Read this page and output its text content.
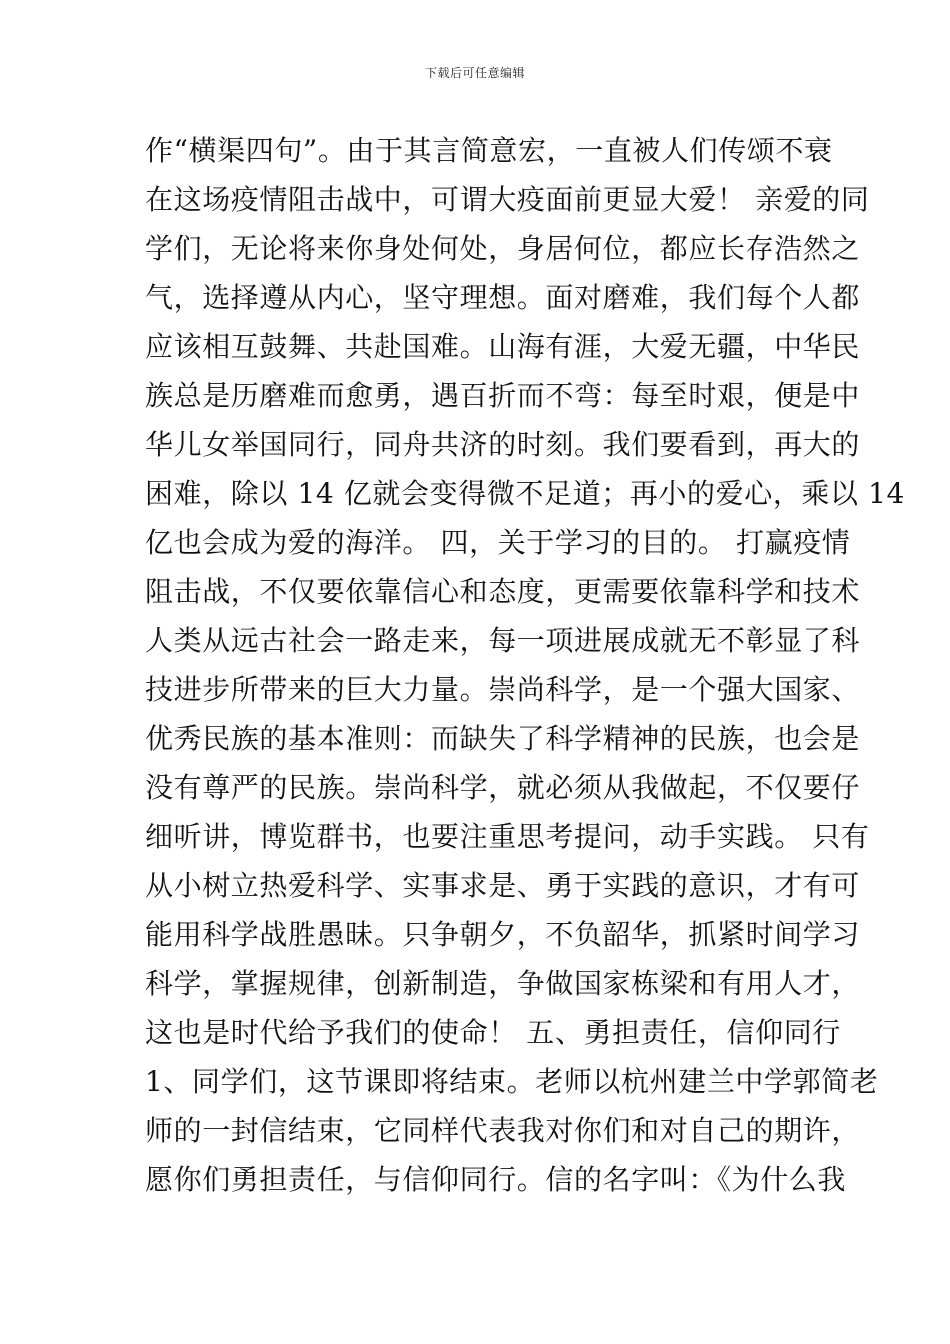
下载后可任意编辑
作“横渠四句”。由于其言简意宏，一直被人们传颂不衰
在这场疫情阻击战中，可谓大疫面前更显大爱！ 亲爱的同
学们，无论将来你身处何处，身居何位，都应长存浩然之
气，选择遵从内心，坚守理想。面对磨难，我们每个人都
应该相互鼓舞、共赴国难。山海有涯，大爱无疆，中华民
族总是历磨难而愈勇，遇百折而不弯：每至时艰，便是中
华儿女举国同行，同舟共济的时刻。我们要看到，再大的
困难，除以 14 亿就会变得微不足道；再小的爱心，乘以 14
亿也会成为爱的海洋。 四，关于学习的目的。 打赢疫情
阻击战，不仅要依靠信心和态度，更需要依靠科学和技术
人类从远古社会一路走来，每一项进展成就无不彰显了科
技进步所带来的巨大力量。崇尚科学，是一个强大国家、
优秀民族的基本准则：而缺失了科学精神的民族，也会是
没有尊严的民族。崇尚科学，就必须从我做起，不仅要仔
细听讲，博览群书，也要注重思考提问，动手实践。 只有
从小树立热爱科学、实事求是、勇于实践的意识，才有可
能用科学战胜愚昧。只争朝夕，不负韶华，抓紧时间学习
科学，掌握规律，创新制造，争做国家栋梁和有用人才，
这也是时代给予我们的使命！ 五、勇担责任，信仰同行
1、同学们，这节课即将结束。老师以杭州建兰中学郭简老
师的一封信结束，它同样代表我对你们和对自己的期许，
愿你们勇担责任，与信仰同行。信的名字叫：《为什么我
